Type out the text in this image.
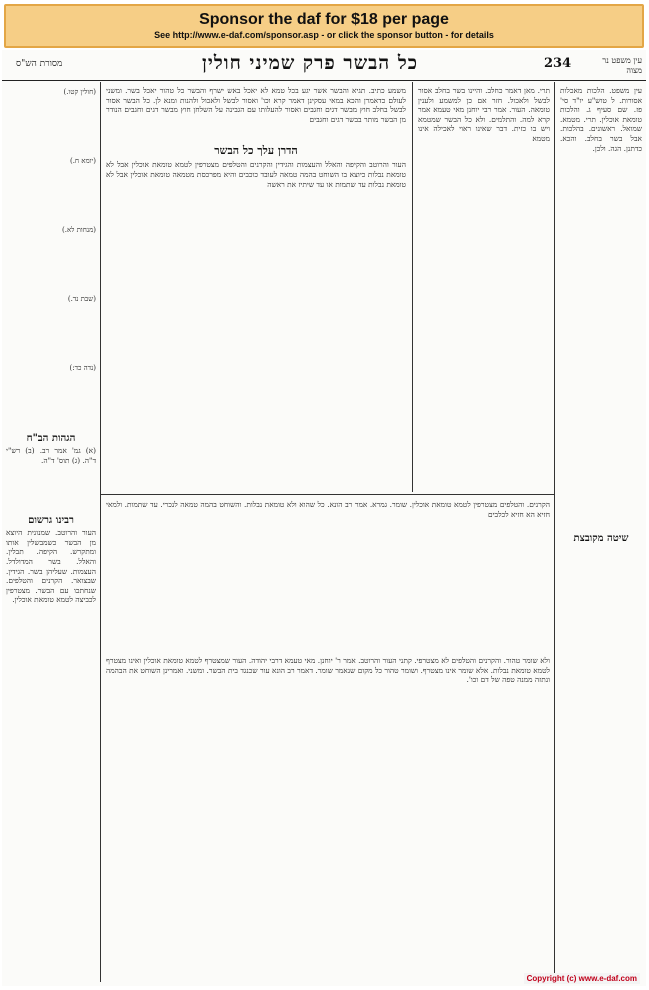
Sponsor the daf for $18 per page
See http://www.e-daf.com/sponsor.asp - or click the sponsor button - for details
מסורת הש"ס	כל הבשר פרק שמיני חולין	234	עין משפט נר מצוה
(חולין קטו.)
(יומא ח.)
(מנחות לא.)
(שבת נד.)
(נדה כד:)
הגהות הב"ח

(א) גמ' אמר רב. (ב) רש"י ד"ה. (ג) תוס' ד"ה.

רבינו גרשום

העור והרוטב. שמנונית היוצא מן הבשר כשמבשלין אותו ומתקרש. הקיפה. תבלין. והאלל. בשר המדולדל. העצמות. שעליהן בשר. הגידין. שבצואר. הקרנים והטלפים. שנחתכו עם הבשר. מצטרפין לכביצה לטמא טומאת אוכלין.

משמע כתיב. תגיא והבשר אשר יגע בכל טמא לא יאכל באש ישרף והבשר כל טהור יאכל בשר. ומשני לעולם כדאמרן והכא במאי עסקינן דאמר קרא וכו' ואסור לבשל ולאכול ולהנות ומנא לן. כל הבשר אסור לבשל בחלב חוץ מבשר דגים וחגבים ואסור להעלותו עם הגבינה על השלחן חוץ מבשר דגים וחגבים הנודר מן הבשר מותר בבשר דגים וחגבים

הדרן עלך כל הבשר

העור והרוטב והקיפה והאלל והעצמות והגידין והקרנים והטלפים מצטרפין לטמא טומאת אוכלין אבל לא טומאת נבלות כיוצא בו השוחט בהמה טמאה לעובד כוכבים והיא מפרכסת מטמאה טומאת אוכלין אבל לא טומאת נבלות עד שתמות או עד שיתיז את ראשה

תרי. מאן דאמר כחלב. והיינו בשר בחלב אסור לבשל ולאכול. חזר אם כן למשמע ולענין טומאה. העור. אמר רבי יוחנן מאי טעמא אמר קרא למה. והתלמים. ולא כל הבשר שמטמא ויש בו כזית. דבר שאינו ראוי לאכילה אינו מטמא

הקרנים. והטלפים מצטרפין לטמא טומאת אוכלין. שומר. גמרא. אמר רב הונא. כל שהוא ולא טומאת נבלות. והשוחט בהמה טמאה לנכרי. עד שתמות. ולמאי חזיא הא חזיא לכלבים

ולא שומר טהור. והקרנים והטלפים לא מצטרפי. קתני העור והרוטב. אמר ר' יוחנן. מאי טעמא דרבי יהודה. העור שמצטרף לטמא טומאת אוכלין ואינו מצטרף לטמא טומאת נבלות. אלא שומר אינו מצטרף. ושומר טהור כל מקום שנאמר שומר. דאמר רב הונא עור שכנגד בית הבשר. ומשני. ואמרינן השוחט את הבהמה ונתזה ממנה טפה של דם וכו'.

עין משפט. הלכות מאכלות אסורות. ל טוש"ע יו"ד סי' פז. שם סעיף ג. והלכות טומאת אוכלין. תרי. מטמא. שמואל. ראשונים. בהלכות. אבל בשר בחלב. והכא. כדתנן. הגה. ולכן.

שיטה מקובצת
Copyright (c) www.e-daf.com
